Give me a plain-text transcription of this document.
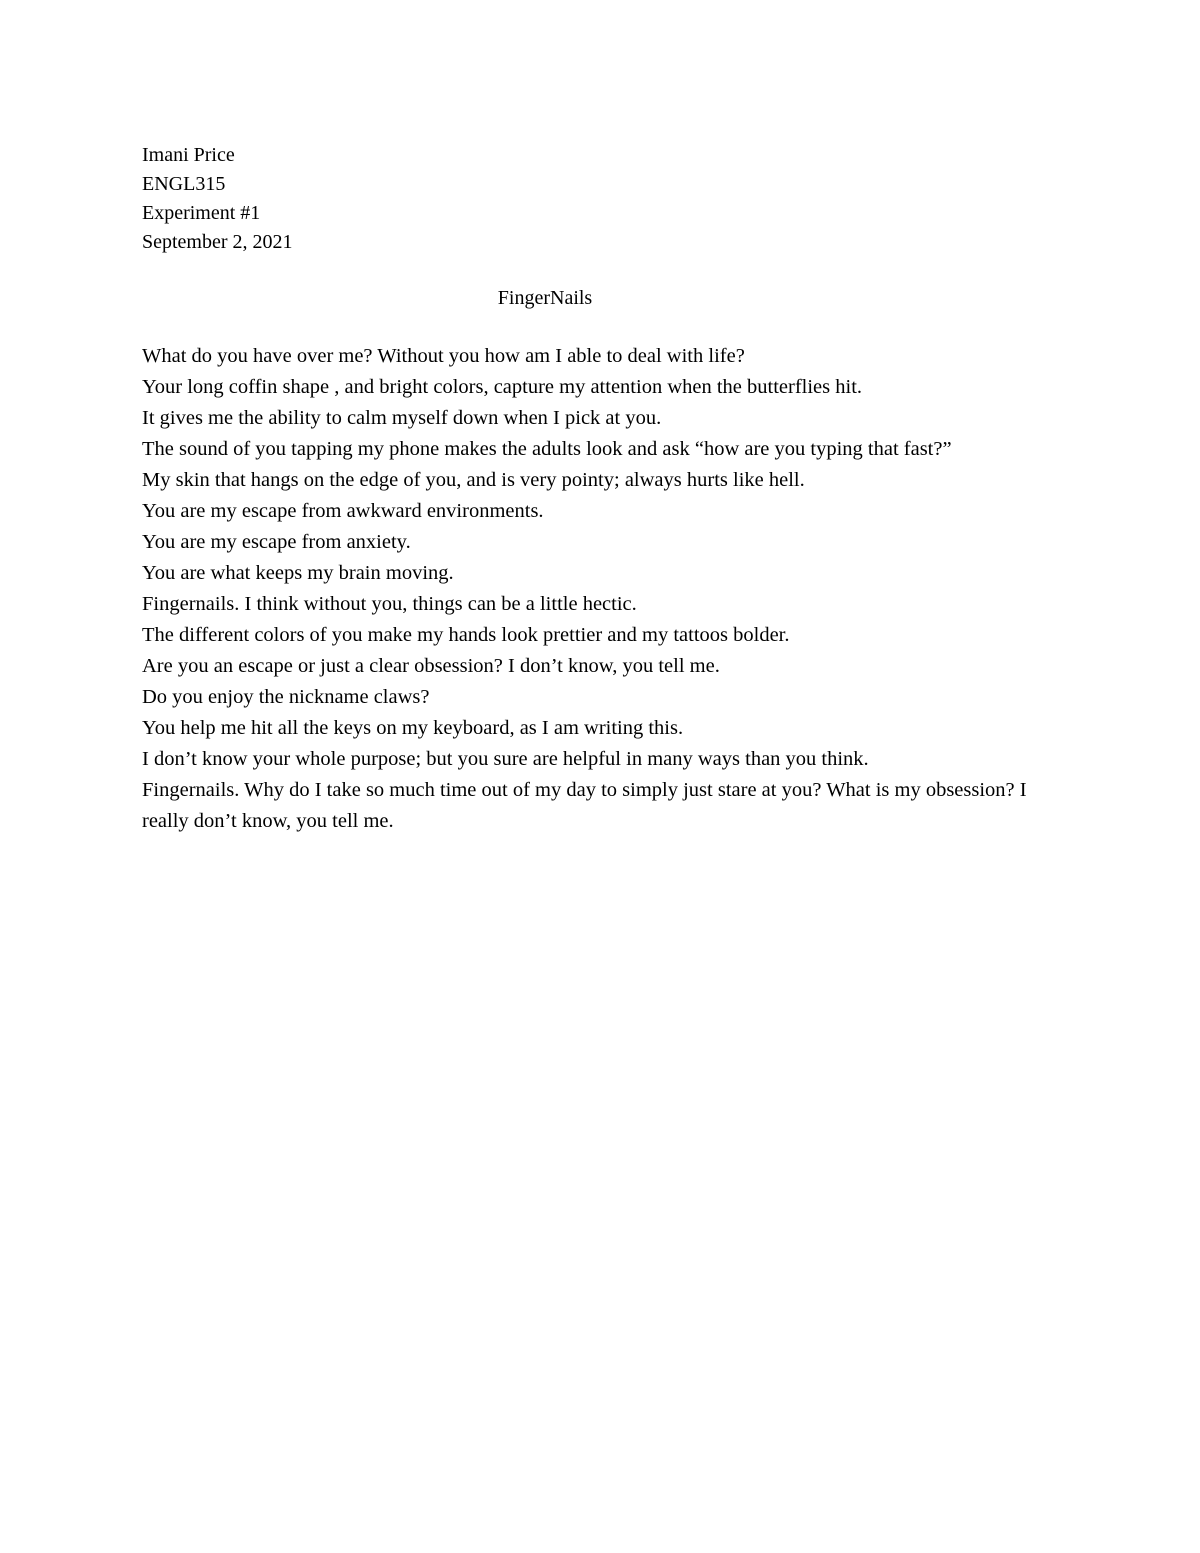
Imani Price
ENGL315
Experiment #1
September 2, 2021
FingerNails

What do you have over me? Without you how am I able to deal with life?

Your long coffin shape , and bright colors, capture my attention when the butterflies hit.

It gives me the ability to calm myself down when I pick at you.

The sound of you tapping my phone makes the adults look and ask “how are you typing that fast?”

My skin that hangs on the edge of you, and is very pointy; always hurts like hell.

You are my escape from awkward environments.

You are my escape from anxiety.

You are what keeps my brain moving.

Fingernails. I think without you, things can be a little hectic.

The different colors of you make my hands look prettier and my tattoos bolder.

Are you an escape or just a clear obsession? I don’t know, you tell me.

Do you enjoy the nickname claws?

You help me hit all the keys on my keyboard, as I am writing this.

I don’t know your whole purpose; but you sure are helpful in many ways than you think.

Fingernails. Why do I take so much time out of my day to simply just stare at you? What is my obsession? I really don’t know, you tell me.
